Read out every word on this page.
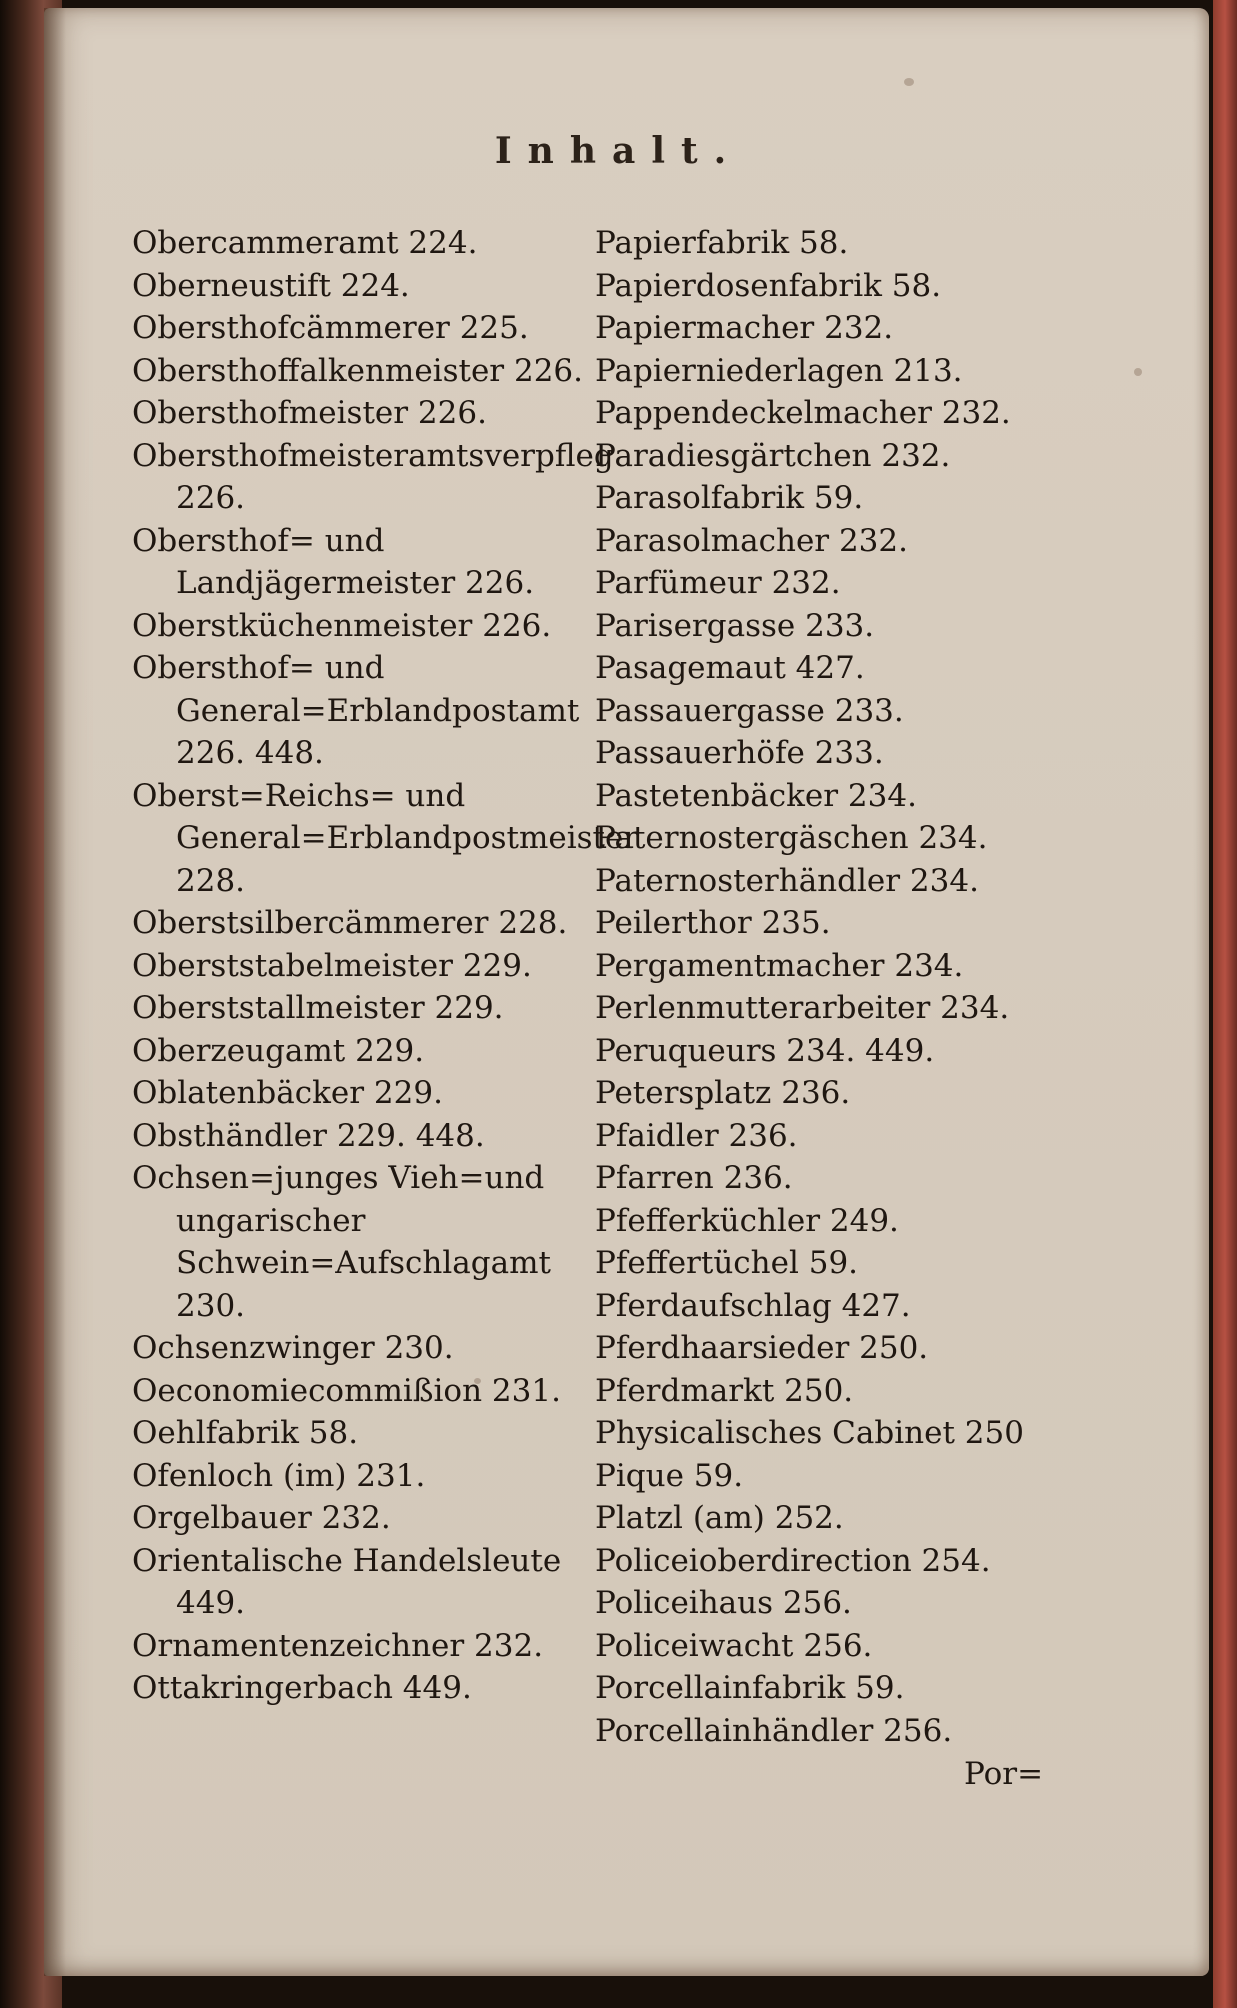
Inhalt.
Obercammeramt 224.
Oberneustift 224.
Obersthofcämmerer 225.
Obersthoffalkenmeister 226.
Obersthofmeister 226.
Obersthofmeisteramtsverpfleg 226.
Obersthof= und Landjägermeister 226.
Oberstküchenmeister 226.
Obersthof= und General=Erblandpostamt 226. 448.
Oberst=Reichs= und General=Erblandpostmeister 228.
Oberstsilbercämmerer 228.
Oberststabelmeister 229.
Oberststallmeister 229.
Oberzeugamt 229.
Oblatenbäcker 229.
Obsthändler 229. 448.
Ochsen=junges Vieh=und ungarischer Schwein=Aufschlagamt 230.
Ochsenzwinger 230.
Oeconomiecommißion 231.
Oehlfabrik 58.
Ofenloch (im) 231.
Orgelbauer 232.
Orientalische Handelsleute 449.
Ornamentenzeichner 232.
Ottakringerbach 449.
Papierfabrik 58.
Papierdosenfabrik 58.
Papiermacher 232.
Papierniederlagen 213.
Pappendeckelmacher 232.
Paradiesgärtchen 232.
Parasolfabrik 59.
Parasolmacher 232.
Parfümeur 232.
Parisergasse 233.
Pasagemaut 427.
Passauergasse 233.
Passauerhöfe 233.
Pastetenbäcker 234.
Paternostergäschen 234.
Paternosterhändler 234.
Peilerthor 235.
Pergamentmacher 234.
Perlenmutterarbeiter 234.
Peruqueurs 234. 449.
Petersplatz 236.
Pfaidler 236.
Pfarren 236.
Pfefferküchler 249.
Pfeffertüchel 59.
Pferdaufschlag 427.
Pferdhaarsieder 250.
Pferdmarkt 250.
Physicalisches Cabinet 250
Pique 59.
Platzl (am) 252.
Policeioberdirection 254.
Policeihaus 256.
Policeiwacht 256.
Porcellainfabrik 59.
Porcellainhändler 256.
Por=
